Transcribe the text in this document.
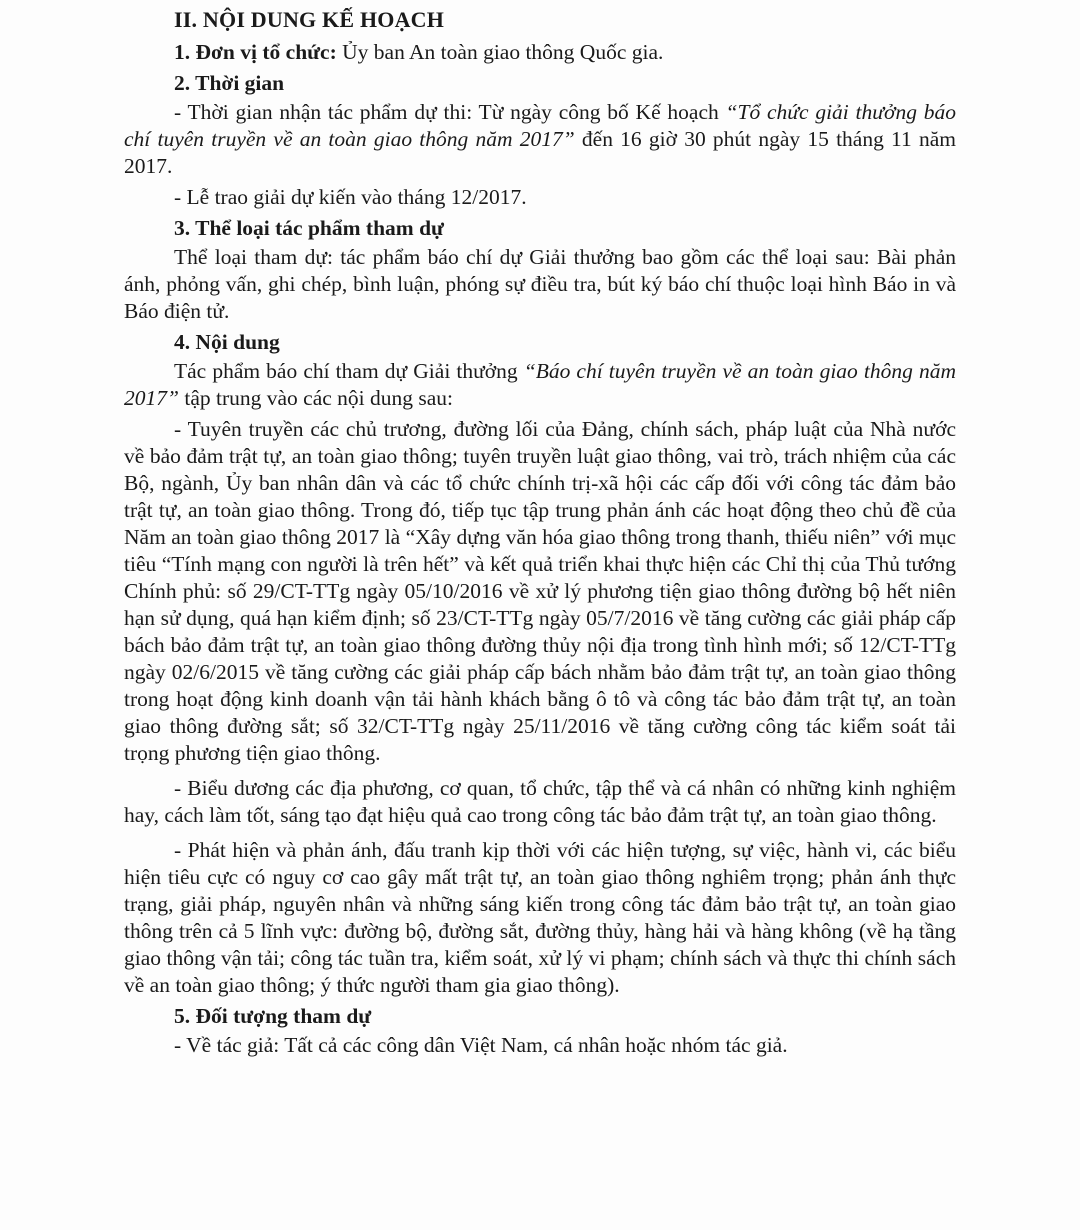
II. NỘI DUNG KẾ HOẠCH
1. Đơn vị tổ chức: Ủy ban An toàn giao thông Quốc gia.
2. Thời gian

- Thời gian nhận tác phẩm dự thi: Từ ngày công bố Kế hoạch “Tổ chức giải thưởng báo chí tuyên truyền về an toàn giao thông năm 2017” đến 16 giờ 30 phút ngày 15 tháng 11 năm 2017.

- Lễ trao giải dự kiến vào tháng 12/2017.

3. Thể loại tác phẩm tham dự

Thể loại tham dự: tác phẩm báo chí dự Giải thưởng bao gồm các thể loại sau: Bài phản ánh, phỏng vấn, ghi chép, bình luận, phóng sự điều tra, bút ký báo chí thuộc loại hình Báo in và Báo điện tử.

4. Nội dung

Tác phẩm báo chí tham dự Giải thưởng “Báo chí tuyên truyền về an toàn giao thông năm 2017” tập trung vào các nội dung sau:

- Tuyên truyền các chủ trương, đường lối của Đảng, chính sách, pháp luật của Nhà nước về bảo đảm trật tự, an toàn giao thông; tuyên truyền luật giao thông, vai trò, trách nhiệm của các Bộ, ngành, Ủy ban nhân dân và các tổ chức chính trị-xã hội các cấp đối với công tác đảm bảo trật tự, an toàn giao thông. Trong đó, tiếp tục tập trung phản ánh các hoạt động theo chủ đề của Năm an toàn giao thông 2017 là “Xây dựng văn hóa giao thông trong thanh, thiếu niên” với mục tiêu “Tính mạng con người là trên hết” và kết quả triển khai thực hiện các Chỉ thị của Thủ tướng Chính phủ: số 29/CT-TTg ngày 05/10/2016 về xử lý phương tiện giao thông đường bộ hết niên hạn sử dụng, quá hạn kiểm định; số 23/CT-TTg ngày 05/7/2016 về tăng cường các giải pháp cấp bách bảo đảm trật tự, an toàn giao thông đường thủy nội địa trong tình hình mới; số 12/CT-TTg ngày 02/6/2015 về tăng cường các giải pháp cấp bách nhằm bảo đảm trật tự, an toàn giao thông trong hoạt động kinh doanh vận tải hành khách bằng ô tô và công tác bảo đảm trật tự, an toàn giao thông đường sắt; số 32/CT-TTg ngày 25/11/2016 về tăng cường công tác kiểm soát tải trọng phương tiện giao thông.

- Biểu dương các địa phương, cơ quan, tổ chức, tập thể và cá nhân có những kinh nghiệm hay, cách làm tốt, sáng tạo đạt hiệu quả cao trong công tác bảo đảm trật tự, an toàn giao thông.

- Phát hiện và phản ánh, đấu tranh kịp thời với các hiện tượng, sự việc, hành vi, các biểu hiện tiêu cực có nguy cơ cao gây mất trật tự, an toàn giao thông nghiêm trọng; phản ánh thực trạng, giải pháp, nguyên nhân và những sáng kiến trong công tác đảm bảo trật tự, an toàn giao thông trên cả 5 lĩnh vực: đường bộ, đường sắt, đường thủy, hàng hải và hàng không (về hạ tầng giao thông vận tải; công tác tuần tra, kiểm soát, xử lý vi phạm; chính sách và thực thi chính sách về an toàn giao thông; ý thức người tham gia giao thông).

5. Đối tượng tham dự

- Về tác giả: Tất cả các công dân Việt Nam, cá nhân hoặc nhóm tác giả.
